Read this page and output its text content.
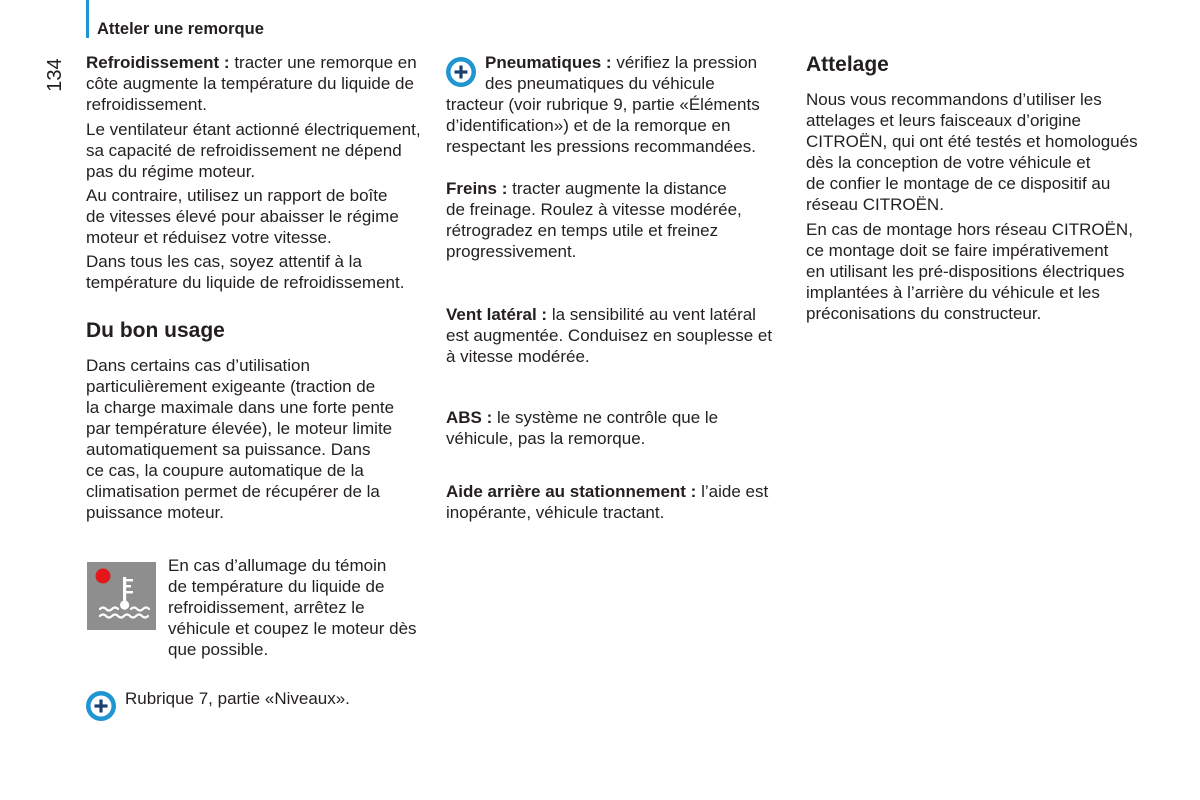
Atteler une remorque
134 Refroidissement : tracter une remorque en
côte augmente la température du liquide de
refroidissement.
Le ventilateur étant actionné électriquement,
sa capacité de refroidissement ne dépend
pas du régime moteur.
Au contraire, utilisez un rapport de boîte
de vitesses élevé pour abaisser le régime
moteur et réduisez votre vitesse.
Dans tous les cas, soyez attentif à la
température du liquide de refroidissement.
Du bon usage
Dans certains cas d’utilisation
particulièrement exigeante (traction de
la charge maximale dans une forte pente
par température élevée), le moteur limite
automatiquement sa puissance. Dans
ce cas, la coupure automatique de la
climatisation permet de récupérer de la
puissance moteur.
En cas d’allumage du témoin
de température du liquide de
refroidissement, arrêtez le
véhicule et coupez le moteur dès
que possible.
Rubrique 7, partie «Niveaux».
Pneumatiques : vérifiez la pression
des pneumatiques du véhicule
tracteur (voir rubrique 9, partie «Éléments
d’identification») et de la remorque en
respectant les pressions recommandées.
Freins : tracter augmente la distance
de freinage. Roulez à vitesse modérée,
rétrogradez en temps utile et freinez
progressivement.
Vent latéral : la sensibilité au vent latéral
est augmentée. Conduisez en souplesse et
à vitesse modérée.
ABS : le système ne contrôle que le
véhicule, pas la remorque.
Aide arrière au stationnement : l’aide est
inopérante, véhicule tractant.
Attelage
Nous vous recommandons d’utiliser les
attelages et leurs faisceaux d’origine
CITROËN, qui ont été testés et homologués
dès la conception de votre véhicule et
de confier le montage de ce dispositif au
réseau CITROËN.
En cas de montage hors réseau CITROËN,
ce montage doit se faire impérativement
en utilisant les pré-dispositions électriques
implantées à l’arrière du véhicule et les
préconisations du constructeur.
